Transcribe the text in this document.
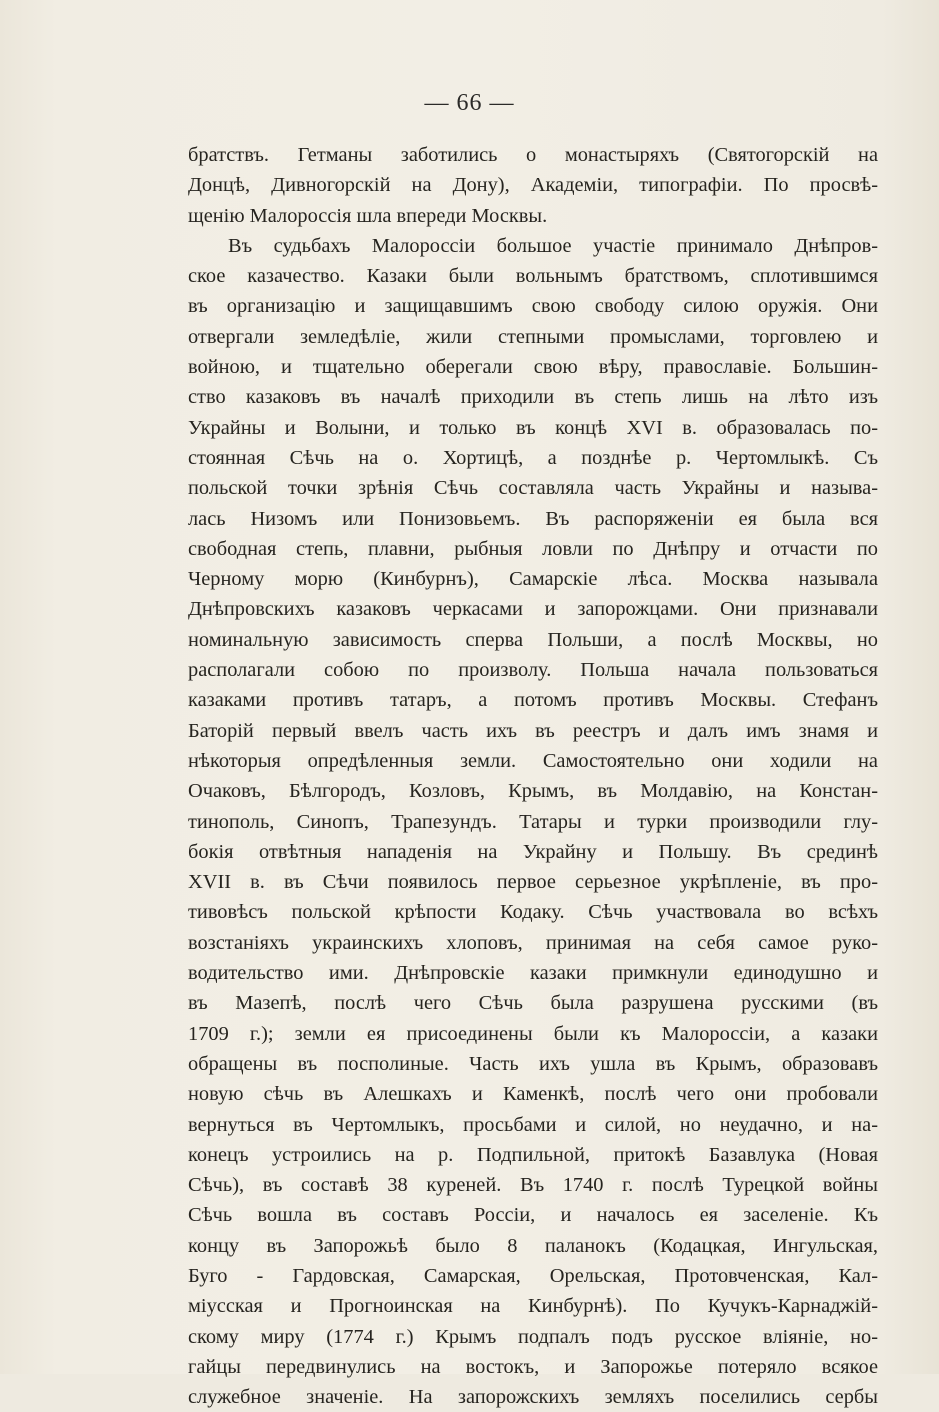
— 66 —
братствъ. Гетманы заботились о монастыряхъ (Святогорскій на
Донцѣ, Дивногорскій на Дону), Академіи, типографіи. По просвѣ-
щенію Малороссія шла впереди Москвы.
Въ судьбахъ Малороссіи большое участіе принимало Днѣпров-
ское казачество. Казаки были вольнымъ братствомъ, сплотившимся
въ организацію и защищавшимъ свою свободу силою оружія. Они
отвергали земледѣліе, жили степными промыслами, торговлею и
войною, и тщательно оберегали свою вѣру, православіе. Большин-
ство казаковъ въ началѣ приходили въ степь лишь на лѣто изъ
Украйны и Волыни, и только въ концѣ XVI в. образовалась по-
стоянная Сѣчь на о. Хортицѣ, а позднѣе р. Чертомлыкѣ. Съ
польской точки зрѣнія Сѣчь составляла часть Украйны и называ-
лась Низомъ или Понизовьемъ. Въ распоряженіи ея была вся
свободная степь, плавни, рыбныя ловли по Днѣпру и отчасти по
Черному морю (Кинбурнъ), Самарскіе лѣса. Москва называла
Днѣпровскихъ казаковъ черкасами и запорожцами. Они признавали
номинальную зависимость сперва Польши, а послѣ Москвы, но
располагали собою по произволу. Польша начала пользоваться
казаками противъ татаръ, а потомъ противъ Москвы. Стефанъ
Баторій первый ввелъ часть ихъ въ реестръ и далъ имъ знамя и
нѣкоторыя опредѣленныя земли. Самостоятельно они ходили на
Очаковъ, Бѣлгородъ, Козловъ, Крымъ, въ Молдавію, на Констан-
тинополь, Синопъ, Трапезундъ. Татары и турки производили глу-
бокія отвѣтныя нападенія на Украйну и Польшу. Въ срединѣ
XVII в. въ Сѣчи появилось первое серьезное укрѣпленіе, въ про-
тивовѣсъ польской крѣпости Кодаку. Сѣчь участвовала во всѣхъ
возстаніяхъ украинскихъ хлоповъ, принимая на себя самое руко-
водительство ими. Днѣпровскіе казаки примкнули единодушно и
въ Мазепѣ, послѣ чего Сѣчь была разрушена русскими (въ
1709 г.); земли ея присоединены были къ Малороссіи, а казаки
обращены въ посполиные. Часть ихъ ушла въ Крымъ, образовавъ
новую сѣчь въ Алешкахъ и Каменкѣ, послѣ чего они пробовали
вернуться въ Чертомлыкъ, просьбами и силой, но неудачно, и на-
конецъ устроились на р. Подпильной, притокѣ Базавлука (Новая
Сѣчь), въ составѣ 38 куреней. Въ 1740 г. послѣ Турецкой войны
Сѣчь вошла въ составъ Россіи, и началось ея заселеніе. Къ
концу въ Запорожьѣ было 8 паланокъ (Кодацкая, Ингульская,
Буго - Гардовская, Самарская, Орельская, Протовченская, Кал-
міусская и Прогноинская на Кинбурнѣ). По Кучукъ-Карнаджій-
скому миру (1774 г.) Крымъ подпалъ подъ русское вліяніе, но-
гайцы передвинулись на востокъ, и Запорожье потеряло всякое
служебное значеніе. На запорожскихъ земляхъ поселились сербы
